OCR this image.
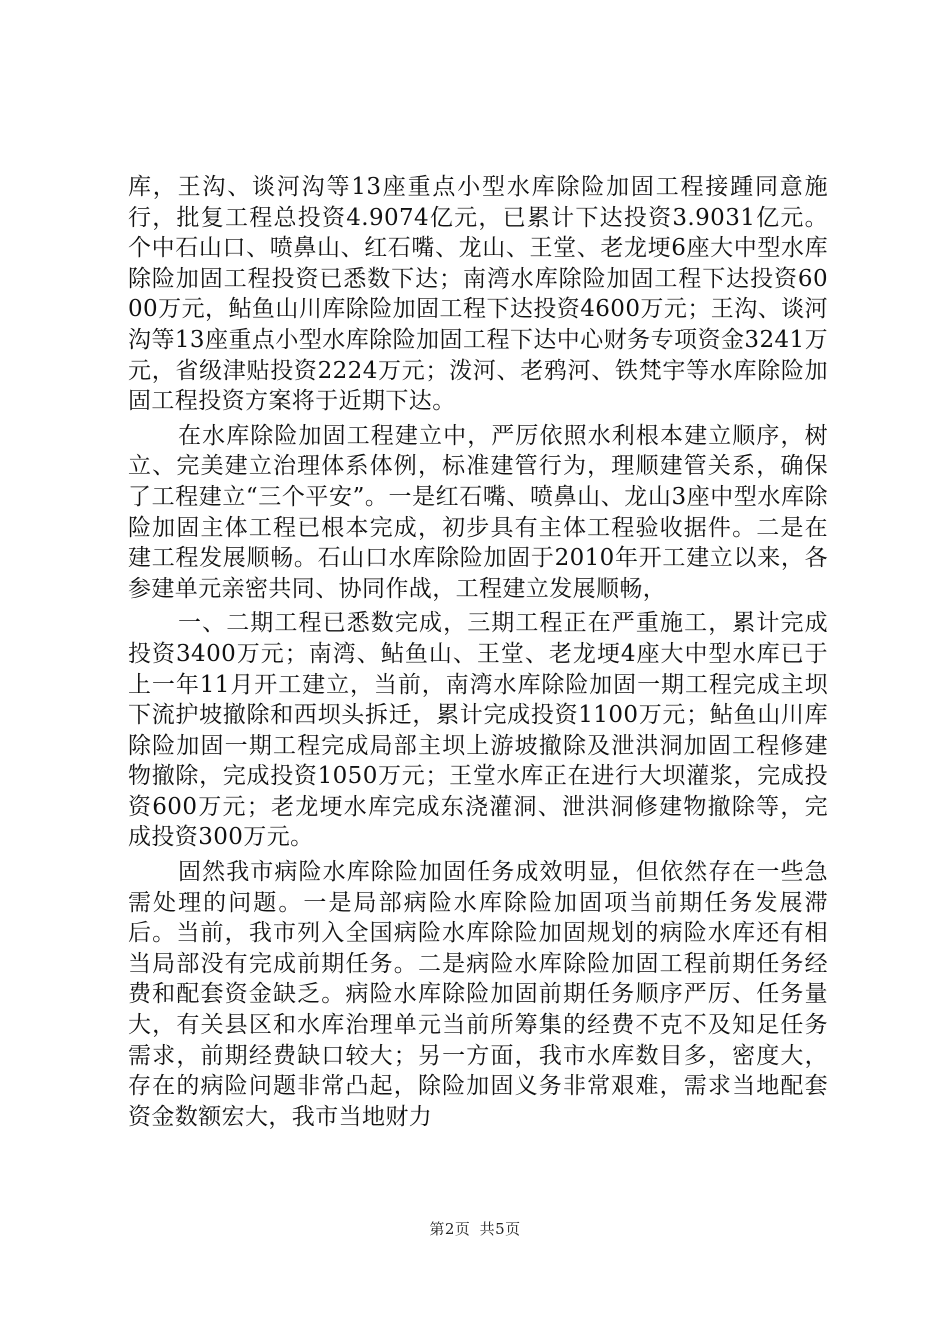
库，王沟、谈河沟等13座重点小型水库除险加固工程接踵同意施行，批复工程总投资4.9074亿元，已累计下达投资3.9031亿元。个中石山口、喷鼻山、红石嘴、龙山、王堂、老龙埂6座大中型水库除险加固工程投资已悉数下达；南湾水库除险加固工程下达投资6000万元，鲇鱼山川库除险加固工程下达投资4600万元；王沟、谈河沟等13座重点小型水库除险加固工程下达中心财务专项资金3241万元，省级津贴投资2224万元；泼河、老鸦河、铁梵宇等水库除险加固工程投资方案将于近期下达。

在水库除险加固工程建立中，严厉依照水利根本建立顺序，树立、完美建立治理体系体例，标准建管行为，理顺建管关系，确保了工程建立“三个平安”。一是红石嘴、喷鼻山、龙山3座中型水库除险加固主体工程已根本完成，初步具有主体工程验收据件。二是在建工程发展顺畅。石山口水库除险加固于2010年开工建立以来，各参建单元亲密共同、协同作战，工程建立发展顺畅，

一、二期工程已悉数完成，三期工程正在严重施工，累计完成投资3400万元；南湾、鲇鱼山、王堂、老龙埂4座大中型水库已于上一年11月开工建立，当前，南湾水库除险加固一期工程完成主坝下流护坡撤除和西坝头拆迁，累计完成投资1100万元；鲇鱼山川库除险加固一期工程完成局部主坝上游坡撤除及泄洪洞加固工程修建物撤除，完成投资1050万元；王堂水库正在进行大坝灌浆，完成投资600万元；老龙埂水库完成东浇灌洞、泄洪洞修建物撤除等，完成投资300万元。

固然我市病险水库除险加固任务成效明显，但依然存在一些急需处理的问题。一是局部病险水库除险加固项当前期任务发展滞后。当前，我市列入全国病险水库除险加固规划的病险水库还有相当局部没有完成前期任务。二是病险水库除险加固工程前期任务经费和配套资金缺乏。病险水库除险加固前期任务顺序严厉、任务量大，有关县区和水库治理单元当前所筹集的经费不克不及知足任务需求，前期经费缺口较大；另一方面，我市水库数目多，密度大，存在的病险问题非常凸起，除险加固义务非常艰难，需求当地配套资金数额宏大，我市当地财力

第2页 共5页
